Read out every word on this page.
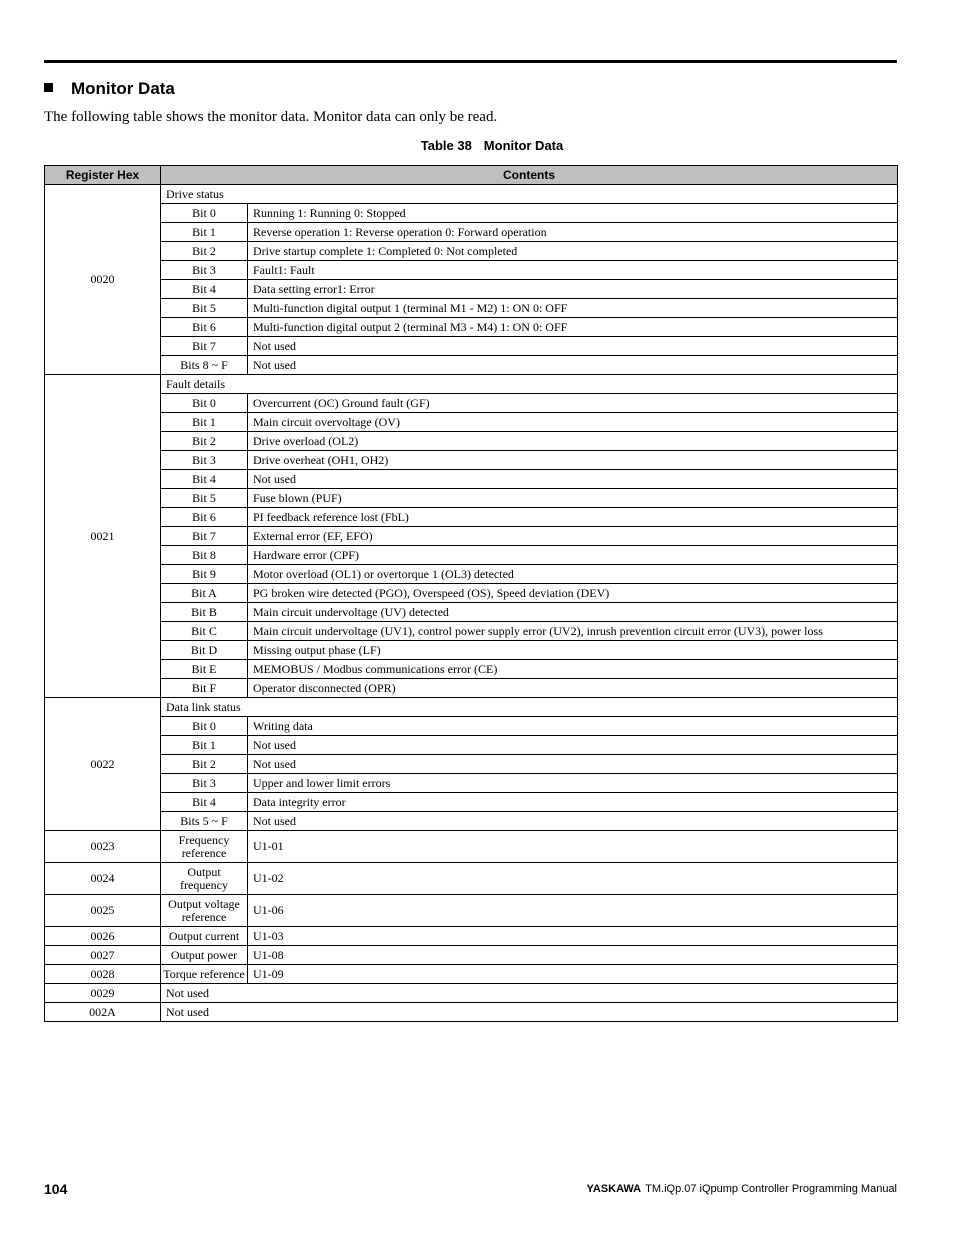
Monitor Data
The following table shows the monitor data. Monitor data can only be read.
Table 38 Monitor Data
Register Hex	Contents	
0020	Drive status	
	Bit 0	Running 1: Running 0: Stopped
	Bit 1	Reverse operation 1: Reverse operation 0: Forward operation
	Bit 2	Drive startup complete 1: Completed 0: Not completed
	Bit 3	Fault1: Fault
	Bit 4	Data setting error1: Error
	Bit 5	Multi-function digital output 1 (terminal M1 - M2) 1: ON 0: OFF
	Bit 6	Multi-function digital output 2 (terminal M3 - M4) 1: ON 0: OFF
	Bit 7	Not used
	Bits 8 ~ F	Not used
0021	Fault details	
	Bit 0	Overcurrent (OC) Ground fault (GF)
	Bit 1	Main circuit overvoltage (OV)
	Bit 2	Drive overload (OL2)
	Bit 3	Drive overheat (OH1, OH2)
	Bit 4	Not used
	Bit 5	Fuse blown (PUF)
	Bit 6	PI feedback reference lost (FbL)
	Bit 7	External error (EF, EFO)
	Bit 8	Hardware error (CPF)
	Bit 9	Motor overload (OL1) or overtorque 1 (OL3) detected
	Bit A	PG broken wire detected (PGO), Overspeed (OS), Speed deviation (DEV)
	Bit B	Main circuit undervoltage (UV) detected
	Bit C	Main circuit undervoltage (UV1), control power supply error (UV2), inrush prevention circuit error (UV3), power loss
	Bit D	Missing output phase (LF)
	Bit E	MEMOBUS / Modbus communications error (CE)
	Bit F	Operator disconnected (OPR)
0022	Data link status	
	Bit 0	Writing data
	Bit 1	Not used
	Bit 2	Not used
	Bit 3	Upper and lower limit errors
	Bit 4	Data integrity error
	Bits 5 ~ F	Not used
0023	Frequency reference	U1-01
0024	Output frequency	U1-02
0025	Output voltage reference	U1-06
0026	Output current	U1-03
0027	Output power	U1-08
0028	Torque reference	U1-09
0029	Not used	
002A	Not used	
104	YASKAWA TM.iQp.07 iQpump Controller Programming Manual
